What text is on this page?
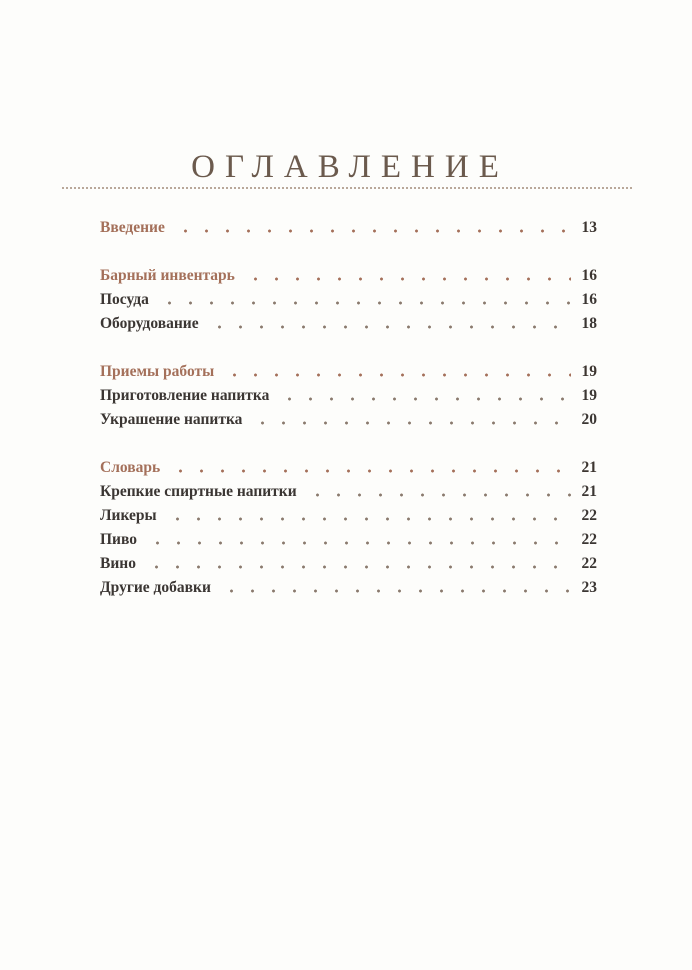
ОГЛАВЛЕНИЕ
Введение	13
Барный инвентарь	16
Посуда	16
Оборудование	18
Приемы работы	19
Приготовление напитка	19
Украшение напитка	20
Словарь	21
Крепкие спиртные напитки	21
Ликеры	22
Пиво	22
Вино	22
Другие добавки	23
